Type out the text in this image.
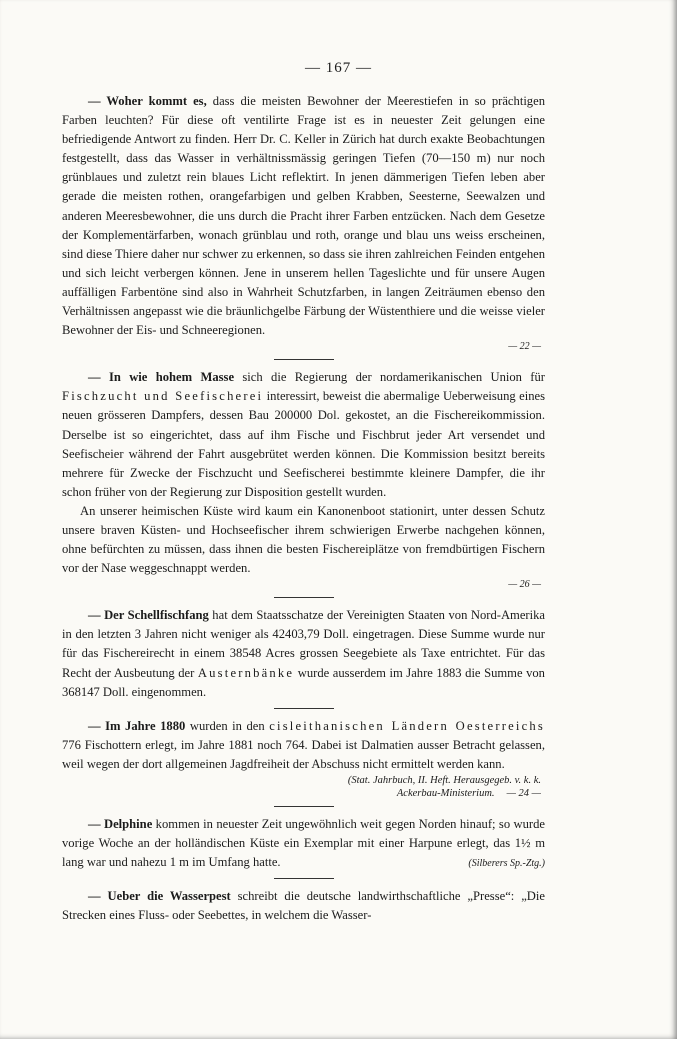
— 167 —

— Woher kommt es, dass die meisten Bewohner der Meerestiefen in so prächtigen Farben leuchten? Für diese oft ventilirte Frage ist es in neuester Zeit gelungen eine befriedigende Antwort zu finden. Herr Dr. C. Keller in Zürich hat durch exakte Beobachtungen festgestellt, dass das Wasser in verhältnissmässig geringen Tiefen (70—150 m) nur noch grünblaues und zuletzt rein blaues Licht reflektirt. In jenen dämmerigen Tiefen leben aber gerade die meisten rothen, orangefarbigen und gelben Krabben, Seesterne, Seewalzen und anderen Meeresbewohner, die uns durch die Pracht ihrer Farben entzücken. Nach dem Gesetze der Komplementärfarben, wonach grünblau und roth, orange und blau uns weiss erscheinen, sind diese Thiere daher nur schwer zu erkennen, so dass sie ihren zahlreichen Feinden entgehen und sich leicht verbergen können. Jene in unserem hellen Tageslichte und für unsere Augen auffälligen Farbentöne sind also in Wahrheit Schutzfarben, in langen Zeiträumen ebenso den Verhältnissen angepasst wie die bräunlichgelbe Färbung der Wüstenthiere und die weisse vieler Bewohner der Eis- und Schneeregionen.

— 22 —

— In wie hohem Masse sich die Regierung der nordamerikanischen Union für Fischzucht und Seefischerei interessirt, beweist die abermalige Ueberweisung eines neuen grösseren Dampfers, dessen Bau 200000 Dol. gekostet, an die Fischereikommission. Derselbe ist so eingerichtet, dass auf ihm Fische und Fischbrut jeder Art versendet und Seefischeier während der Fahrt ausgebrütet werden können. Die Kommission besitzt bereits mehrere für Zwecke der Fischzucht und Seefischerei bestimmte kleinere Dampfer, die ihr schon früher von der Regierung zur Disposition gestellt wurden.

An unserer heimischen Küste wird kaum ein Kanonenboot stationirt, unter dessen Schutz unsere braven Küsten- und Hochseefischer ihrem schwierigen Erwerbe nachgehen können, ohne befürchten zu müssen, dass ihnen die besten Fischereiplätze von fremdbürtigen Fischern vor der Nase weggeschnappt werden.

— 26 —

— Der Schellfischfang hat dem Staatsschatze der Vereinigten Staaten von Nord-Amerika in den letzten 3 Jahren nicht weniger als 42403,79 Doll. eingetragen. Diese Summe wurde nur für das Fischereirecht in einem 38548 Acres grossen Seegebiete als Taxe entrichtet. Für das Recht der Ausbeutung der Austernbänke wurde ausserdem im Jahre 1883 die Summe von 368147 Doll. eingenommen.

— Im Jahre 1880 wurden in den cisleithanischen Ländern Oesterreichs 776 Fischottern erlegt, im Jahre 1881 noch 764. Dabei ist Dalmatien ausser Betracht gelassen, weil wegen der dort allgemeinen Jagdfreiheit der Abschuss nicht ermittelt werden kann.

(Stat. Jahrbuch, II. Heft. Herausgegeb. v. k. k.
Ackerbau-Ministerium. — 24 —

— Delphine kommen in neuester Zeit ungewöhnlich weit gegen Norden hinauf; so wurde vorige Woche an der holländischen Küste ein Exemplar mit einer Harpune erlegt, das 1½ m lang war und nahezu 1 m im Umfang hatte.	(Silberers Sp.-Ztg.)

— Ueber die Wasserpest schreibt die deutsche landwirthschaftliche „Presse“: „Die Strecken eines Fluss- oder Seebettes, in welchem die Wasser-
